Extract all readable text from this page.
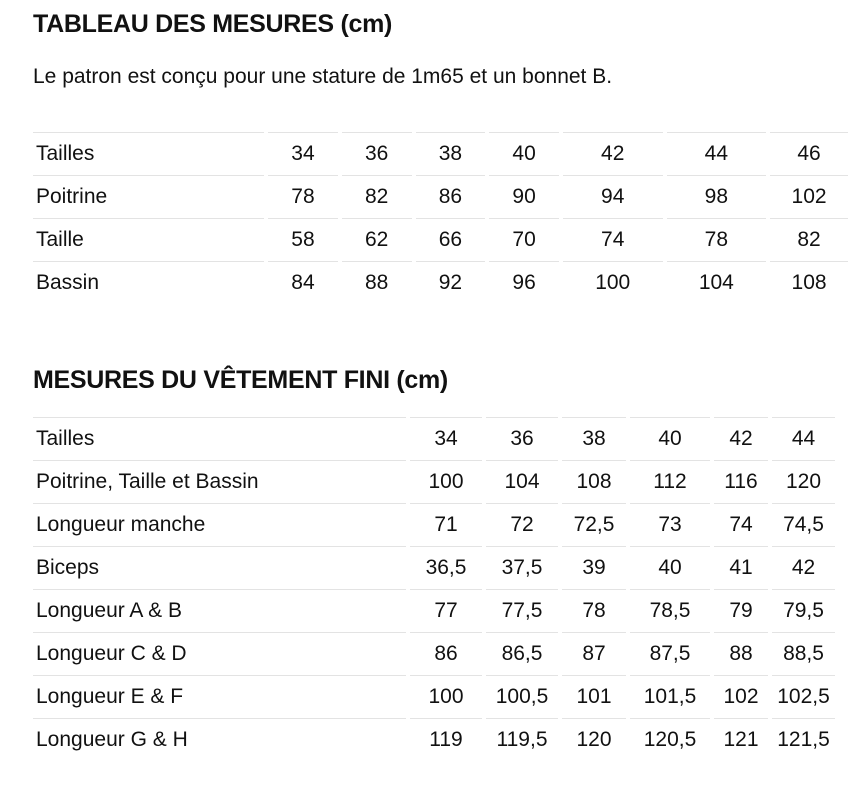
TABLEAU DES MESURES (cm)

Le patron est conçu pour une stature de 1m65 et un bonnet B.

Tailles		34		36		38		40		42		44		46
Poitrine		78		82		86		90		94		98		102
Taille		58		62		66		70		74		78		82
Bassin		84		88		92		96		100		104		108
MESURES DU VÊTEMENT FINI (cm)
Tailles		34		36		38		40		42		44
Poitrine, Taille et Bassin		100		104		108		112		116		120
Longueur manche		71		72		72,5		73		74		74,5
Biceps		36,5		37,5		39		40		41		42
Longueur A & B		77		77,5		78		78,5		79		79,5
Longueur C & D		86		86,5		87		87,5		88		88,5
Longueur E & F		100		100,5		101		101,5		102		102,5
Longueur G & H		119		119,5		120		120,5		121		121,5
